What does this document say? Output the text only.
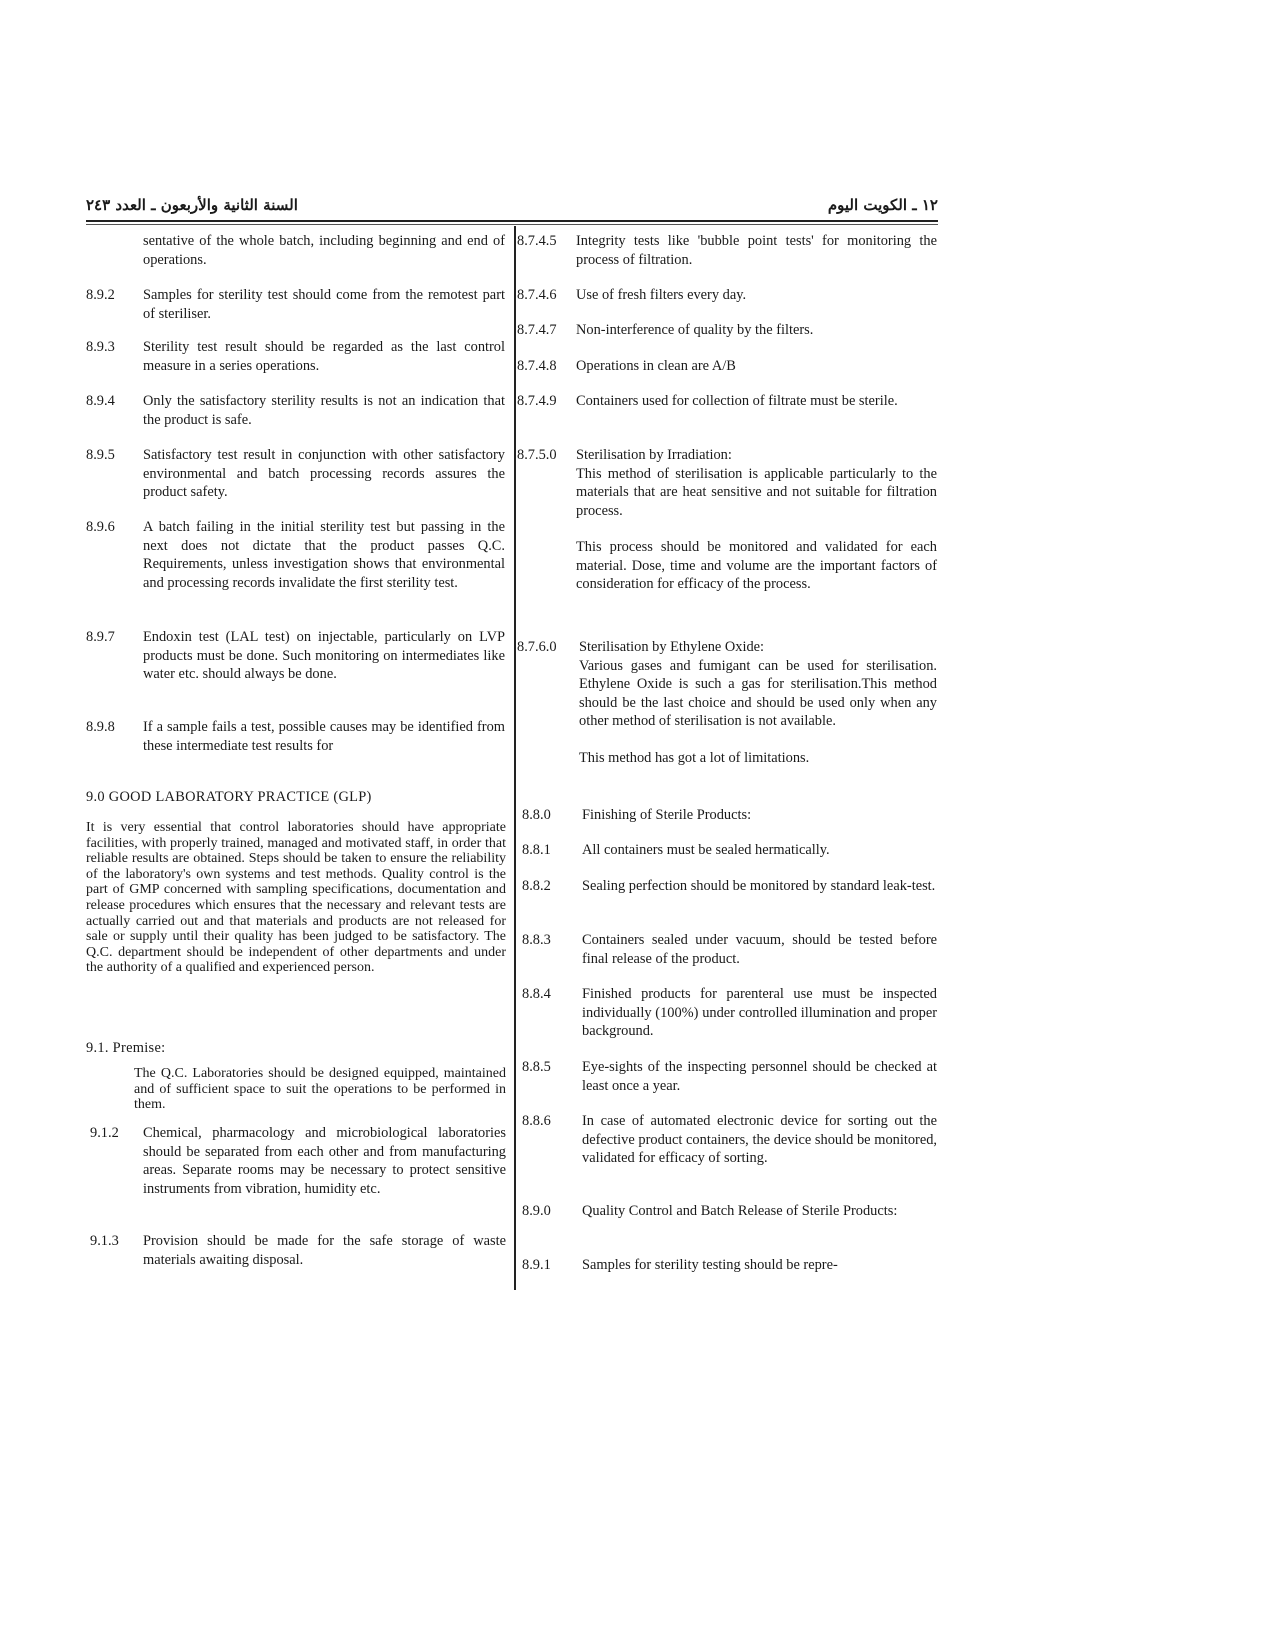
السنة الثانية والأربعون ـ العدد ٢٤٣	١٢ ـ الكويت اليوم
sentative of the whole batch, including beginning and end of operations.
8.9.2 Samples for sterility test should come from the remotest part of steriliser.
8.9.3 Sterility test result should be regarded as the last control measure in a series operations.
8.9.4 Only the satisfactory sterility results is not an indication that the product is safe.
8.9.5 Satisfactory test result in conjunction with other satisfactory environmental and batch processing records assures the product safety.
8.9.6 A batch failing in the initial sterility test but passing in the next does not dictate that the product passes Q.C. Requirements, unless investigation shows that environmental and processing records invalidate the first sterility test.
8.9.7 Endoxin test (LAL test) on injectable, particularly on LVP products must be done. Such monitoring on intermediates like water etc. should always be done.
8.9.8 If a sample fails a test, possible causes may be identified from these intermediate test results for
9.0 GOOD LABORATORY PRACTICE (GLP)
It is very essential that control laboratories should have appropriate facilities, with properly trained, managed and motivated staff, in order that reliable results are obtained. Steps should be taken to ensure the reliability of the laboratory's own systems and test methods. Quality control is the part of GMP concerned with sampling specifications, documentation and release procedures which ensures that the necessary and relevant tests are actually carried out and that materials and products are not released for sale or supply until their quality has been judged to be satisfactory. The Q.C. department should be independent of other departments and under the authority of a qualified and experienced person.
9.1. Premise:
The Q.C. Laboratories should be designed equipped, maintained and of sufficient space to suit the operations to be performed in them.
9.1.2 Chemical, pharmacology and microbiological laboratories should be separated from each other and from manufacturing areas. Separate rooms may be necessary to protect sensitive instruments from vibration, humidity etc.
9.1.3 Provision should be made for the safe storage of waste materials awaiting disposal.
8.7.4.5 Integrity tests like 'bubble point tests' for monitoring the process of filtration.
8.7.4.6 Use of fresh filters every day.
8.7.4.7 Non-interference of quality by the filters.
8.7.4.8 Operations in clean are A/B
8.7.4.9 Containers used for collection of filtrate must be sterile.
8.7.5.0 Sterilisation by Irradiation:
This method of sterilisation is applicable particularly to the materials that are heat sensitive and not suitable for filtration process.

This process should be monitored and validated for each material. Dose, time and volume are the important factors of consideration for efficacy of the process.

8.7.6.0 Sterilisation by Ethylene Oxide:
Various gases and fumigant can be used for sterilisation. Ethylene Oxide is such a gas for sterilisation.This method should be the last choice and should be used only when any other method of sterilisation is not available.

This method has got a lot of limitations.

8.8.0 Finishing of Sterile Products:
8.8.1 All containers must be sealed hermatically.
8.8.2 Sealing perfection should be monitored by standard leak-test.
8.8.3 Containers sealed under vacuum, should be tested before final release of the product.
8.8.4 Finished products for parenteral use must be inspected individually (100%) under controlled illumination and proper background.
8.8.5 Eye-sights of the inspecting personnel should be checked at least once a year.
8.8.6 In case of automated electronic device for sorting out the defective product containers, the device should be monitored, validated for efficacy of sorting.
8.9.0 Quality Control and Batch Release of Sterile Products:
8.9.1 Samples for sterility testing should be repre-
